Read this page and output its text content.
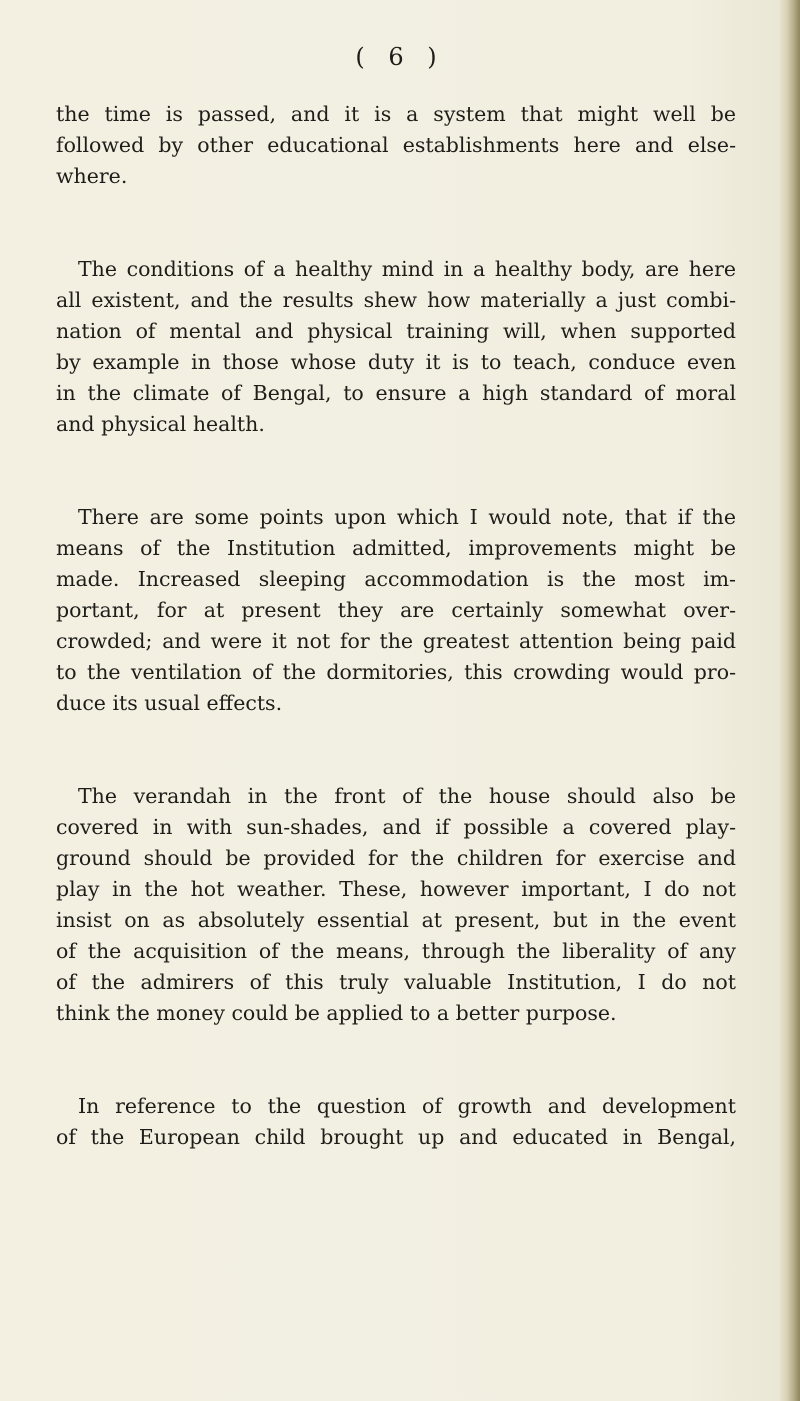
( 6 )

the time is passed, and it is a system that might well be
followed by other educational establishments here and else-
where.

The conditions of a healthy mind in a healthy body, are here
all existent, and the results shew how materially a just combi-
nation of mental and physical training will, when supported
by example in those whose duty it is to teach, conduce even
in the climate of Bengal, to ensure a high standard of moral
and physical health.

There are some points upon which I would note, that if the
means of the Institution admitted, improvements might be
made. Increased sleeping accommodation is the most im-
portant, for at present they are certainly somewhat over-
crowded; and were it not for the greatest attention being paid
to the ventilation of the dormitories, this crowding would pro-
duce its usual effects.

The verandah in the front of the house should also be
covered in with sun-shades, and if possible a covered play-
ground should be provided for the children for exercise and
play in the hot weather. These, however important, I do not
insist on as absolutely essential at present, but in the event
of the acquisition of the means, through the liberality of any
of the admirers of this truly valuable Institution, I do not
think the money could be applied to a better purpose.

In reference to the question of growth and development
of the European child brought up and educated in Bengal,
